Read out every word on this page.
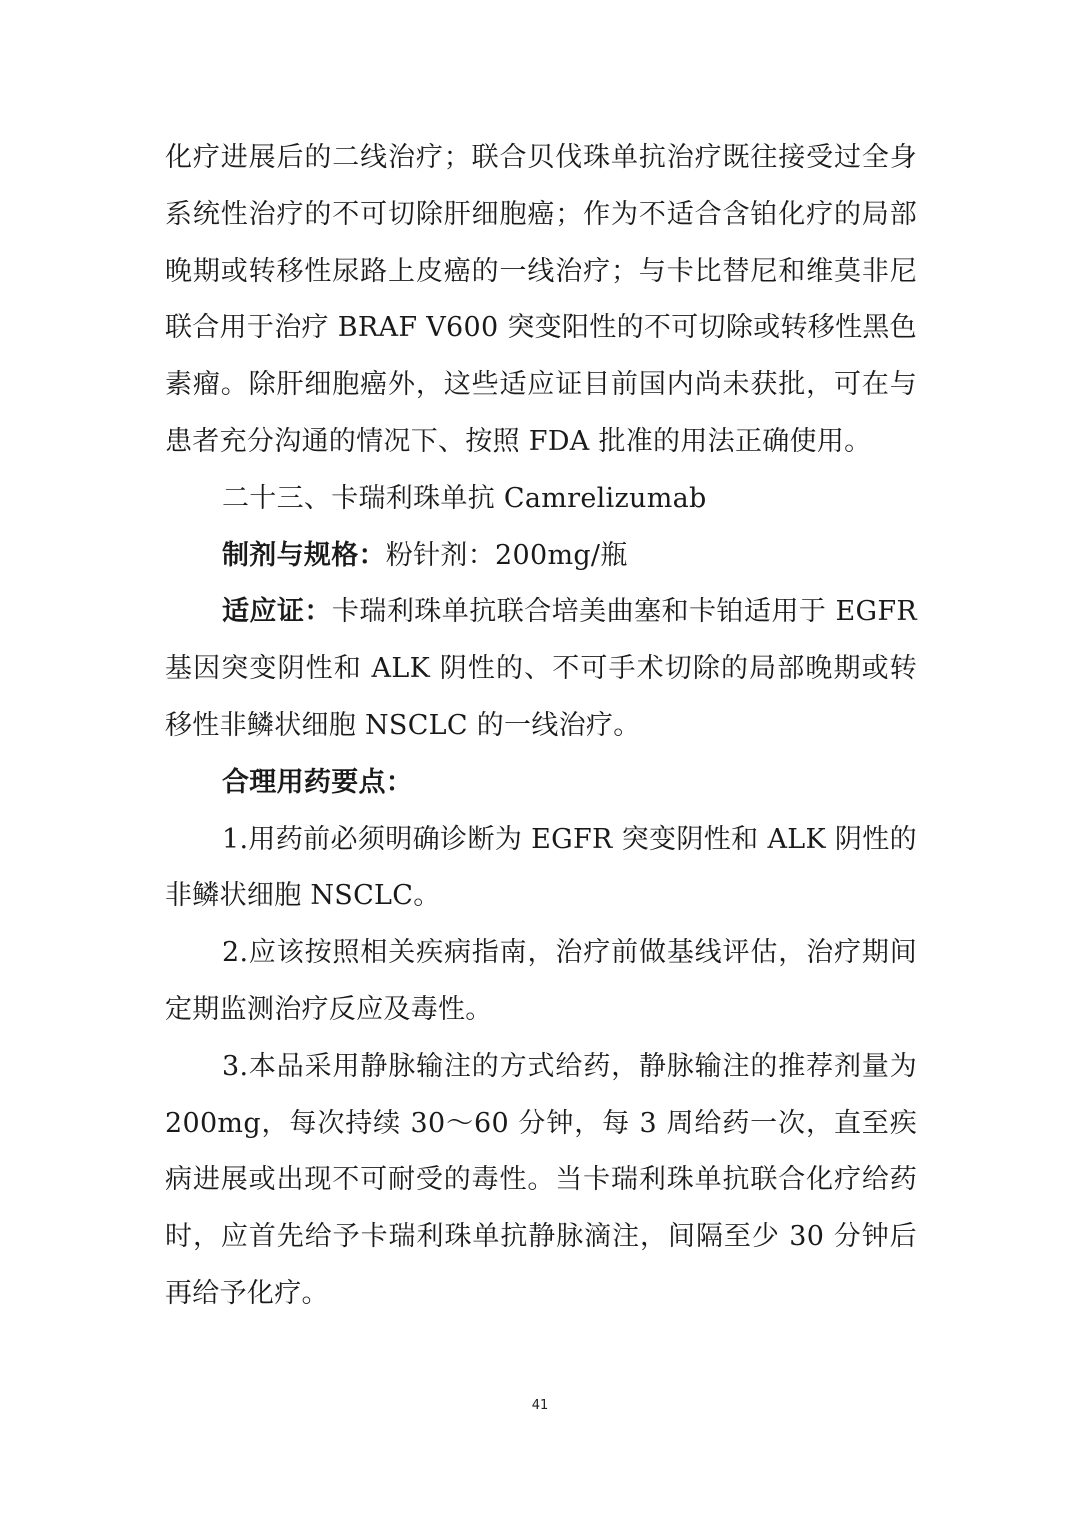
化疗进展后的二线治疗；联合贝伐珠单抗治疗既往接受过全身系统性治疗的不可切除肝细胞癌；作为不适合含铂化疗的局部晚期或转移性尿路上皮癌的一线治疗；与卡比替尼和维莫非尼联合用于治疗 BRAF V600 突变阳性的不可切除或转移性黑色素瘤。除肝细胞癌外，这些适应证目前国内尚未获批，可在与患者充分沟通的情况下、按照 FDA 批准的用法正确使用。

二十三、卡瑞利珠单抗 Camrelizumab

制剂与规格：粉针剂：200mg/瓶

适应证：卡瑞利珠单抗联合培美曲塞和卡铂适用于 EGFR 基因突变阴性和 ALK 阴性的、不可手术切除的局部晚期或转移性非鳞状细胞 NSCLC 的一线治疗。

合理用药要点：

1.用药前必须明确诊断为 EGFR 突变阴性和 ALK 阴性的非鳞状细胞 NSCLC。

2.应该按照相关疾病指南，治疗前做基线评估，治疗期间定期监测治疗反应及毒性。

3.本品采用静脉输注的方式给药，静脉输注的推荐剂量为 200mg，每次持续 30～60 分钟，每 3 周给药一次，直至疾病进展或出现不可耐受的毒性。当卡瑞利珠单抗联合化疗给药时，应首先给予卡瑞利珠单抗静脉滴注，间隔至少 30 分钟后再给予化疗。

41
